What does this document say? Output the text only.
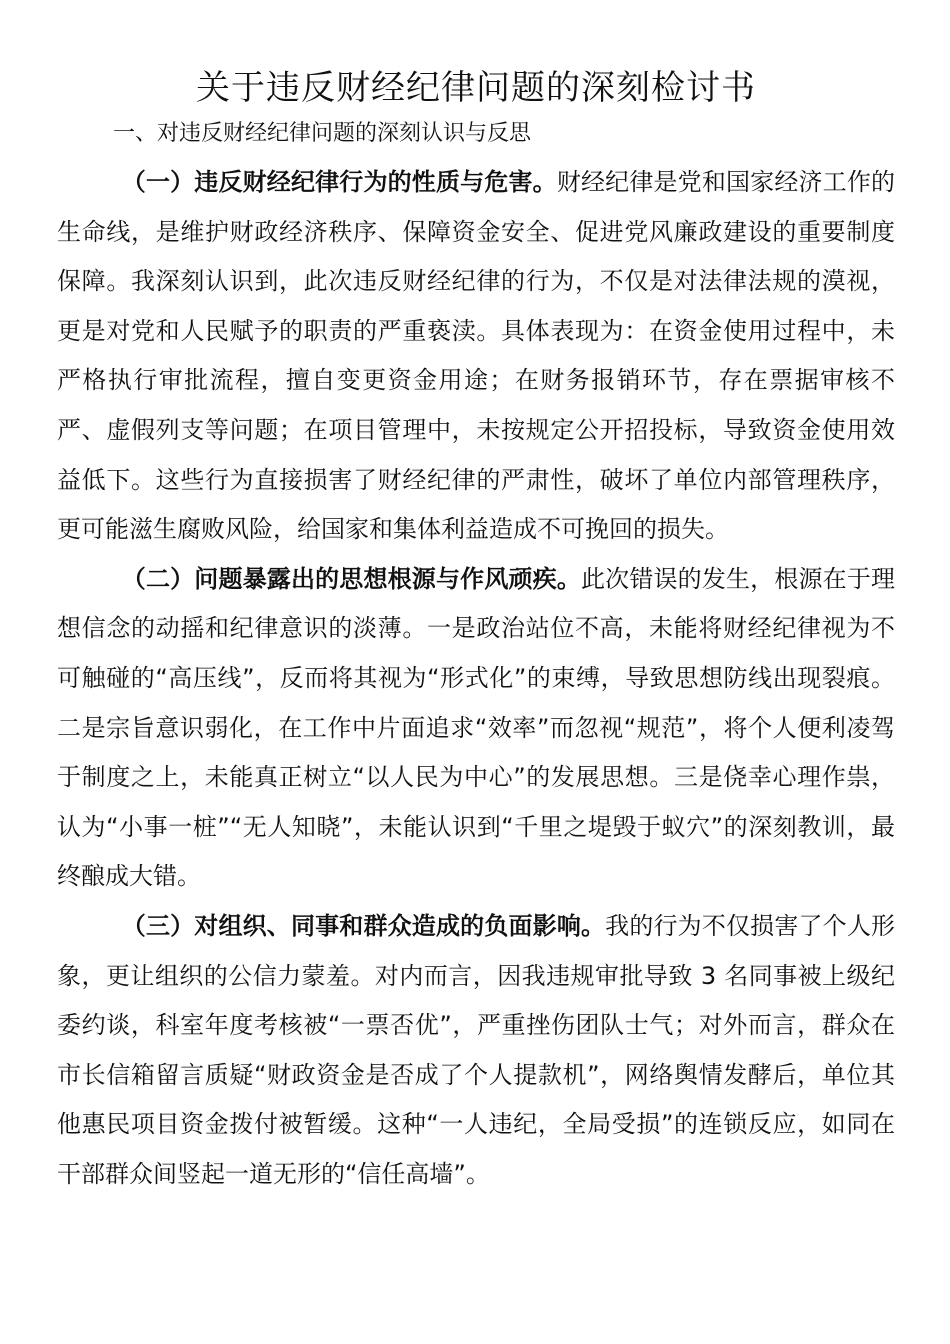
关于违反财经纪律问题的深刻检讨书
一、对违反财经纪律问题的深刻认识与反思

（一）违反财经纪律行为的性质与危害。财经纪律是党和国家经济工作的生命线，是维护财政经济秩序、保障资金安全、促进党风廉政建设的重要制度保障。我深刻认识到，此次违反财经纪律的行为，不仅是对法律法规的漠视，更是对党和人民赋予的职责的严重亵渎。具体表现为：在资金使用过程中，未严格执行审批流程，擅自变更资金用途；在财务报销环节，存在票据审核不严、虚假列支等问题；在项目管理中，未按规定公开招投标，导致资金使用效益低下。这些行为直接损害了财经纪律的严肃性，破坏了单位内部管理秩序，更可能滋生腐败风险，给国家和集体利益造成不可挽回的损失。

（二）问题暴露出的思想根源与作风顽疾。此次错误的发生，根源在于理想信念的动摇和纪律意识的淡薄。一是政治站位不高，未能将财经纪律视为不可触碰的“高压线”，反而将其视为“形式化”的束缚，导致思想防线出现裂痕。二是宗旨意识弱化，在工作中片面追求“效率”而忽视“规范”，将个人便利凌驾于制度之上，未能真正树立“以人民为中心”的发展思想。三是侥幸心理作祟，认为“小事一桩”“无人知晓”，未能认识到“千里之堤毁于蚁穴”的深刻教训，最终酿成大错。

（三）对组织、同事和群众造成的负面影响。我的行为不仅损害了个人形象，更让组织的公信力蒙羞。对内而言，因我违规审批导致 3 名同事被上级纪委约谈，科室年度考核被“一票否优”，严重挫伤团队士气；对外而言，群众在市长信箱留言质疑“财政资金是否成了个人提款机”，网络舆情发酵后，单位其他惠民项目资金拨付被暂缓。这种“一人违纪，全局受损”的连锁反应，如同在干部群众间竖起一道无形的“信任高墙”。
